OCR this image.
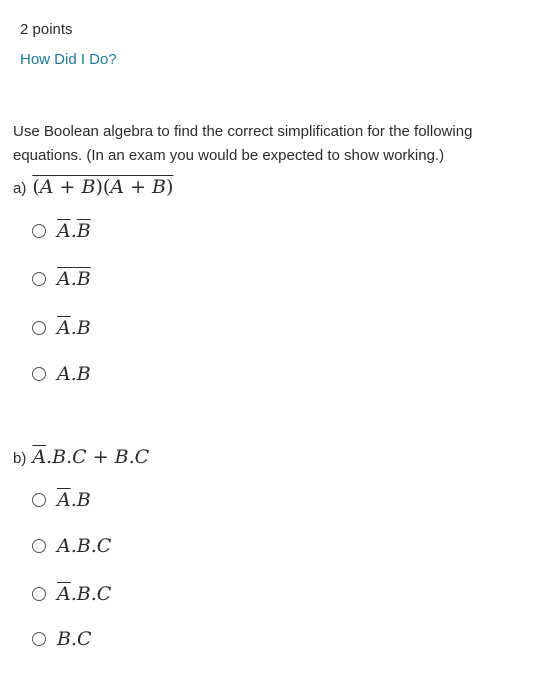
2 points
How Did I Do?
Use Boolean algebra to find the correct simplification for the following equations. (In an exam you would be expected to show working.)
a) (A + B)(A + B)
$\overline{A}.\overline{B}$
A.B
$\overline{A}.B$
A.B
b) $\overline{A}.B.C + B.C$
$\overline{A}.B$
A.B.C
$\overline{A}.B.C$
B.C
